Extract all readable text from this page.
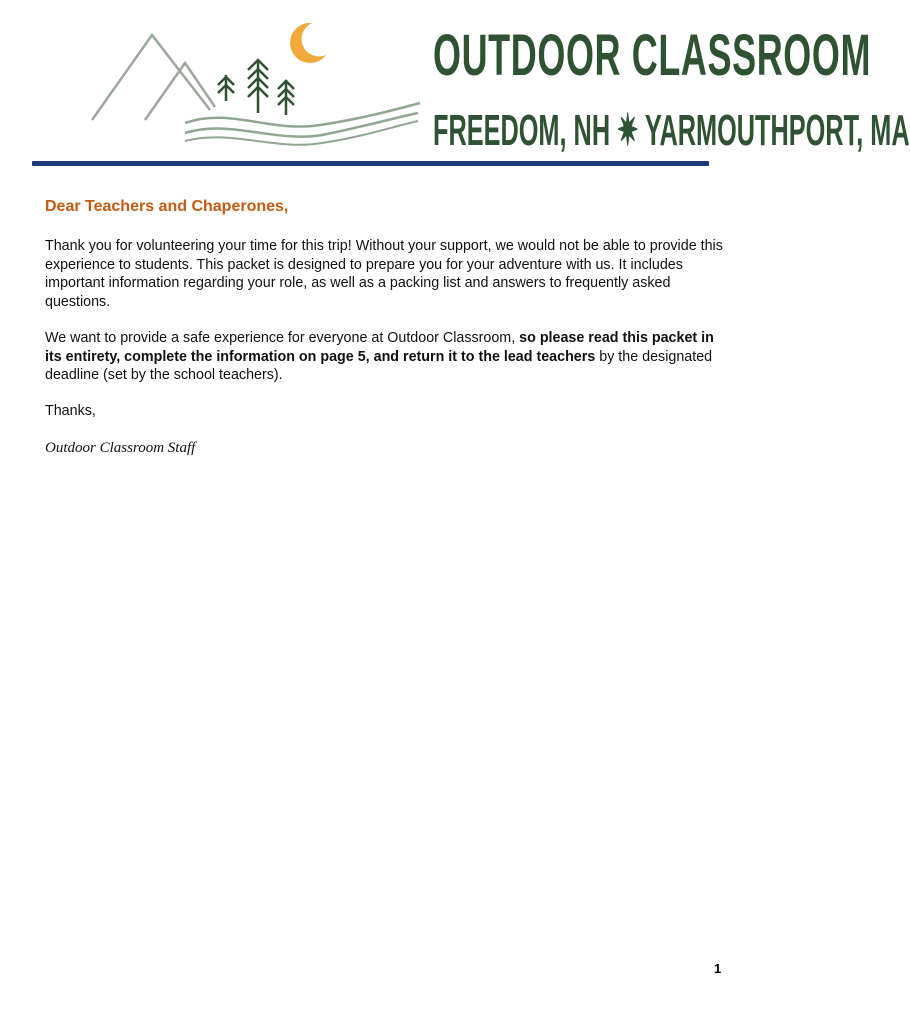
OUTDOOR CLASSROOM
FREEDOM, NH ✷ YARMOUTHPORT, MA
Dear Teachers and Chaperones,
Thank you for volunteering your time for this trip! Without your support, we would not be able to provide this experience to students. This packet is designed to prepare you for your adventure with us. It includes important information regarding your role, as well as a packing list and answers to frequently asked questions.
We want to provide a safe experience for everyone at Outdoor Classroom, so please read this packet in its entirety, complete the information on page 5, and return it to the lead teachers by the designated deadline (set by the school teachers).
Thanks,
Outdoor Classroom Staff
1
